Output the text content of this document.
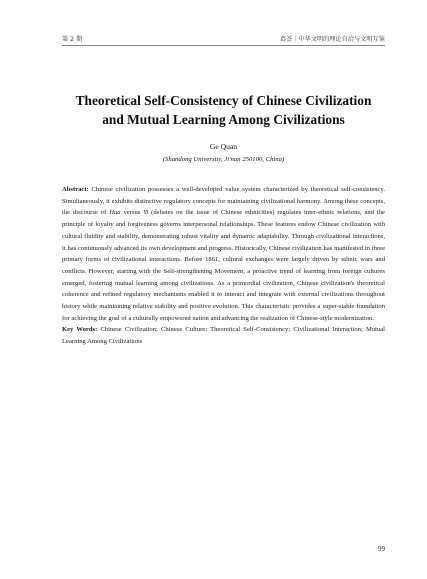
第 2 期	葛荃｜中华文明的理论自洽与文明互鉴
Theoretical Self-Consistency of Chinese Civilization
and Mutual Learning Among Civilizations
Ge Quan
(Shandong University, Ji'nan 250100, China)

Abstract: Chinese civilization possesses a well-developed value system characterized by theoretical self-consistency. Simultaneously, it exhibits distinctive regulatory concepts for maintaining civilizational harmony. Among these concepts, the discourse of Hua versus Yi (debates on the issue of Chinese ethnicities) regulates inter-ethnic relations, and the principle of loyalty and forgiveness governs interpersonal relationships. These features endow Chinese civilization with cultural fluidity and stability, demonstrating robust vitality and dynamic adaptability. Through civilizational interactions, it has continuously advanced its own development and progress. Historically, Chinese civilization has manifested in three primary forms of civilizational interactions. Before 1861, cultural exchanges were largely driven by ethnic wars and conflicts. However, starting with the Self-strengthening Movement, a proactive trend of learning from foreign cultures emerged, fostering mutual learning among civilizations. As a primordial civilization, Chinese civilization's theoretical coherence and refined regulatory mechanisms enabled it to interact and integrate with external civilizations throughout history while maintaining relative stability and positive evolution. This characteristic provides a super-stable foundation for achieving the goal of a culturally empowered nation and advancing the realization of Chinese-style modernization.

Key Words: Chinese Civilization; Chinese Culture; Theoretical Self-Consistency; Civilizational Interaction; Mutual Learning Among Civilizations

99
